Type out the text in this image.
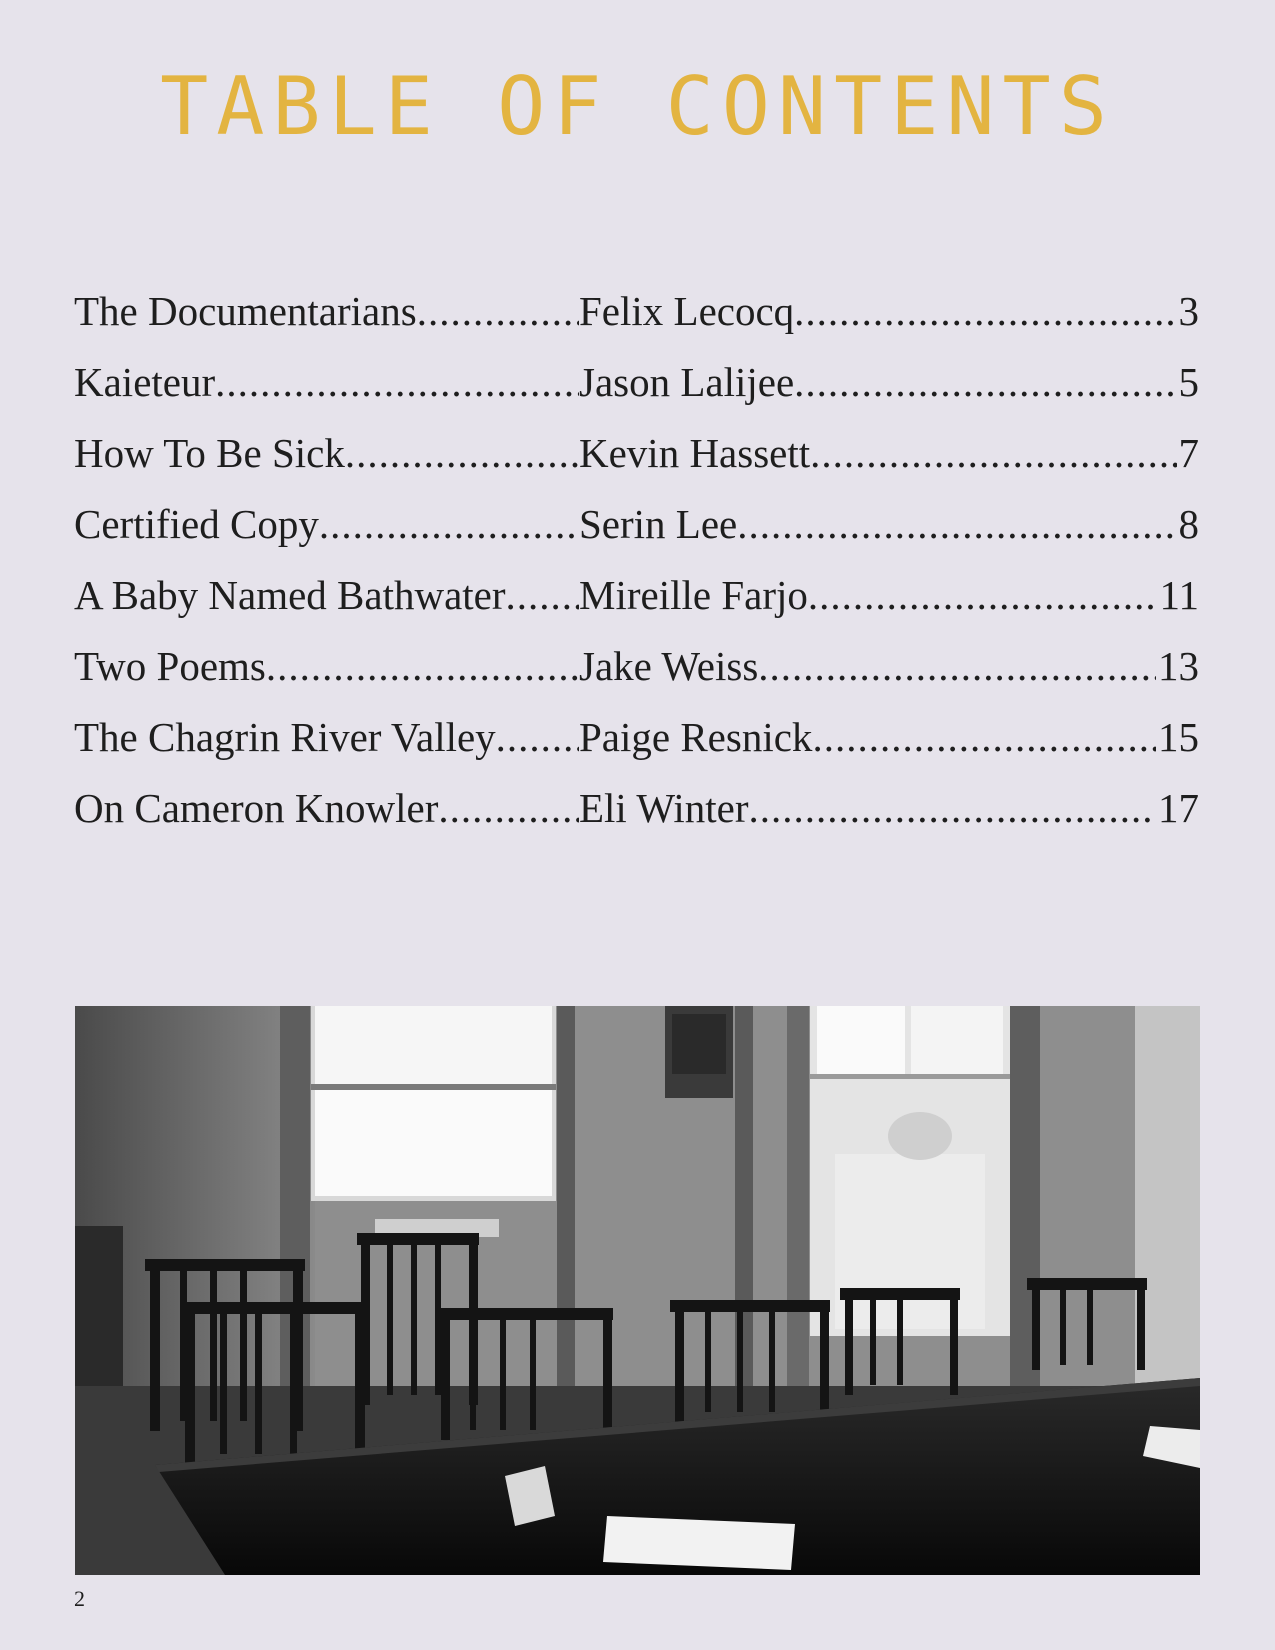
TABLE OF CONTENTS
The Documentarians .....	Felix Lecocq .....	3
Kaieteur .....	Jason Lalijee .....	5
How To Be Sick .....	Kevin Hassett .....	7
Certified Copy .....	Serin Lee .....	8
A Baby Named Bathwater ..... Mireille Farjo .....	11
Two Poems .....	Jake Weiss .....	13
The Chagrin River Valley ..... Paige Resnick .....	15
On Cameron Knowler .....	Eli Winter .....	17
2
